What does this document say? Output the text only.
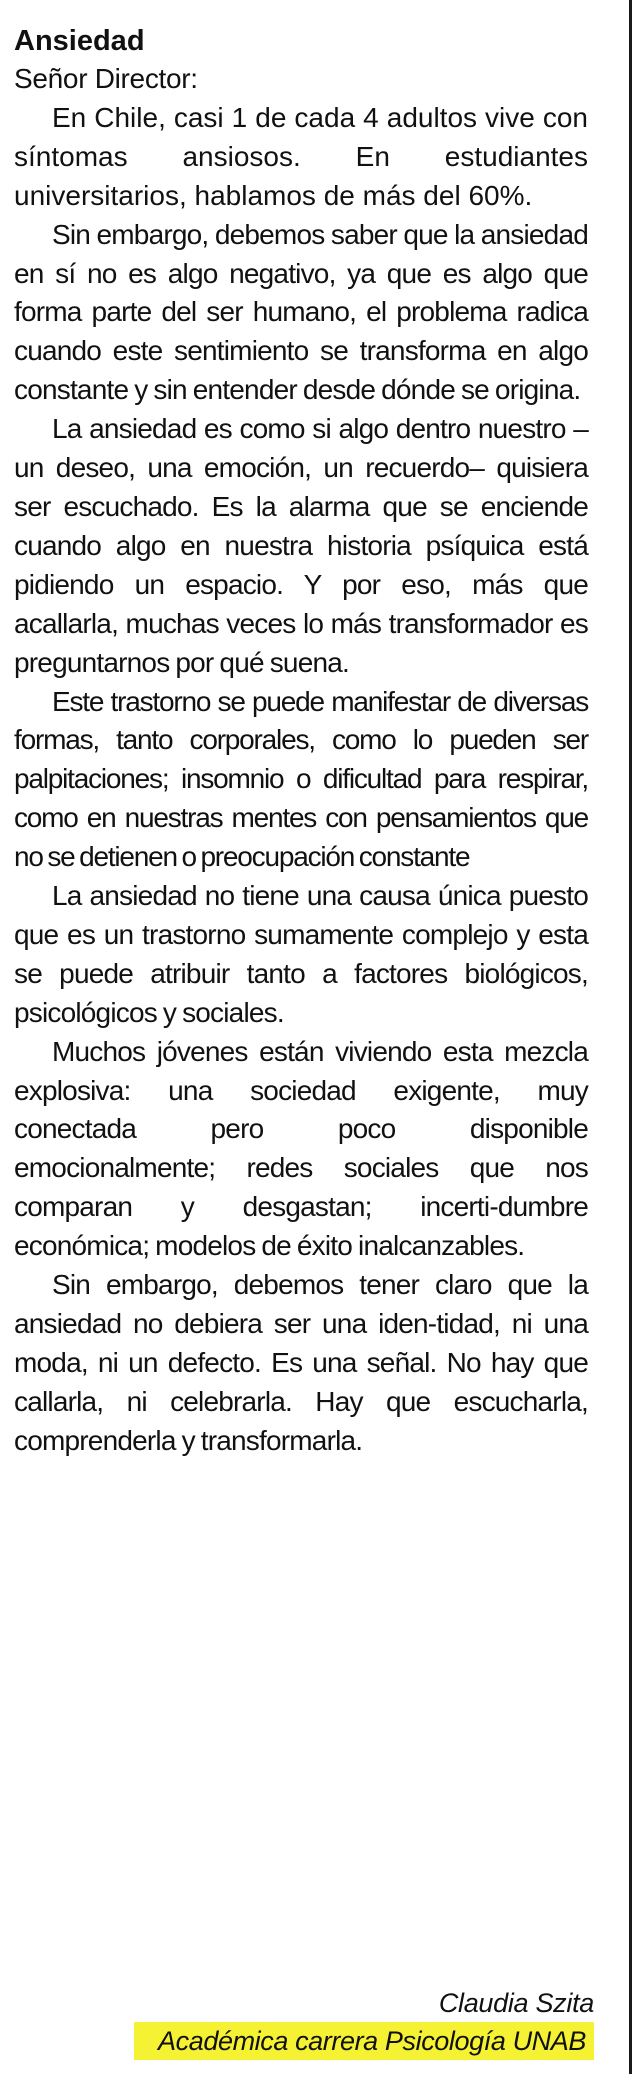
Ansiedad

Señor Director:

En Chile, casi 1 de cada 4 adultos vive con síntomas ansiosos. En estudiantes universitarios, hablamos de más del 60%.

Sin embargo, debemos saber que la ansiedad en sí no es algo negativo, ya que es algo que forma parte del ser humano, el problema radica cuando este sentimiento se transforma en algo constante y sin entender desde dónde se origina.

La ansiedad es como si algo dentro nuestro –un deseo, una emoción, un recuerdo– quisiera ser escuchado. Es la alarma que se enciende cuando algo en nuestra historia psíquica está pidiendo un espacio. Y por eso, más que acallarla, muchas veces lo más transformador es preguntarnos por qué suena.

Este trastorno se puede manifestar de diversas formas, tanto corporales, como lo pueden ser palpitaciones; insomnio o dificultad para respirar, como en nuestras mentes con pensamientos que no se detienen o preocupación constante

La ansiedad no tiene una causa única puesto que es un trastorno sumamente complejo y esta se puede atribuir tanto a factores biológicos, psicológicos y sociales.

Muchos jóvenes están viviendo esta mezcla explosiva: una sociedad exigente, muy conectada pero poco disponible emocionalmente; redes sociales que nos comparan y desgastan; incerti-dumbre económica; modelos de éxito inalcanzables.

Sin embargo, debemos tener claro que la ansiedad no debiera ser una iden-tidad, ni una moda, ni un defecto. Es una señal. No hay que callarla, ni celebrarla. Hay que escucharla, comprenderla y transformarla.

Claudia Szita
Académica carrera Psicología UNAB
